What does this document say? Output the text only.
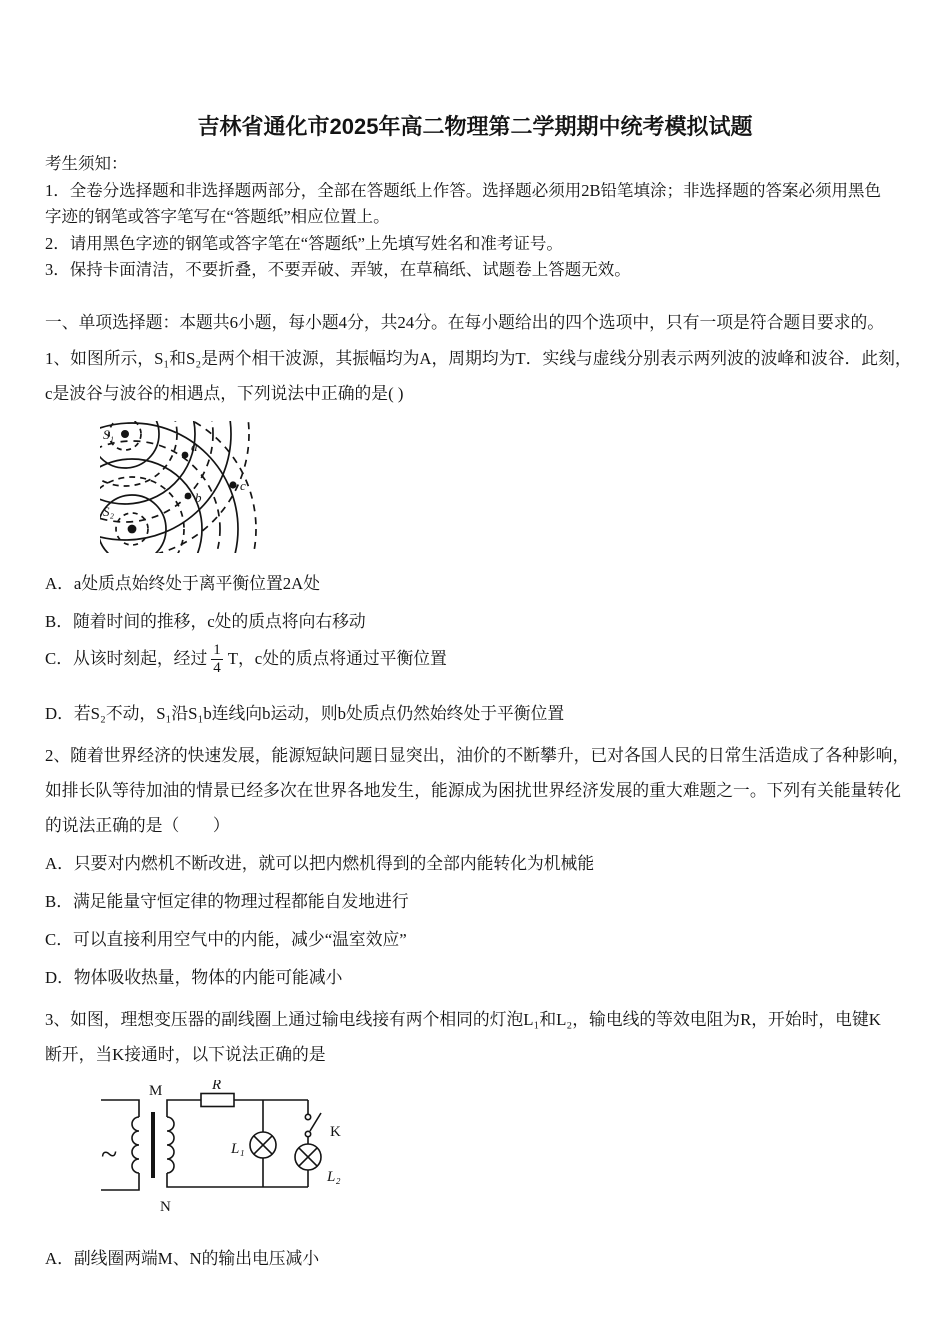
吉林省通化市2025年高二物理第二学期期中统考模拟试题
考生须知：
1．全卷分选择题和非选择题两部分，全部在答题纸上作答。选择题必须用2B铅笔填涂；非选择题的答案必须用黑色
字迹的钢笔或答字笔写在“答题纸”相应位置上。
2．请用黑色字迹的钢笔或答字笔在“答题纸”上先填写姓名和准考证号。
3．保持卡面清洁，不要折叠，不要弄破、弄皱，在草稿纸、试题卷上答题无效。
一、单项选择题：本题共6小题，每小题4分，共24分。在每小题给出的四个选项中，只有一项是符合题目要求的。
1、如图所示，S₁和S₂是两个相干波源，其振幅均为A，周期均为T．实线与虚线分别表示两列波的波峰和波谷．此刻，
c是波谷与波谷的相遇点，下列说法中正确的是( )
S₁
S₂
a
b
c
A．a处质点始终处于离平衡位置2A处
B．随着时间的推移，c处的质点将向右移动
C．从该时刻起，经过 $\frac{1}{4}$ T，c处的质点将通过平衡位置
D．若S₂不动，S₁沿S₁b连线向b运动，则b处质点仍然始终处于平衡位置
2、随着世界经济的快速发展，能源短缺问题日显突出，油价的不断攀升，已对各国人民的日常生活造成了各种影响，
如排长队等待加油的情景已经多次在世界各地发生，能源成为困扰世界经济发展的重大难题之一。下列有关能量转化
的说法正确的是（　　）
A．只要对内燃机不断改进，就可以把内燃机得到的全部内能转化为机械能
B．满足能量守恒定律的物理过程都能自发地进行
C．可以直接利用空气中的内能，减少“温室效应”
D．物体吸收热量，物体的内能可能减小
3、如图，理想变压器的副线圈上通过输电线接有两个相同的灯泡L₁和L₂，输电线的等效电阻为R，开始时，电键K
断开，当K接通时，以下说法正确的是
~
M
N
R
K
L₁
L₂
A．副线圈两端M、N的输出电压减小
